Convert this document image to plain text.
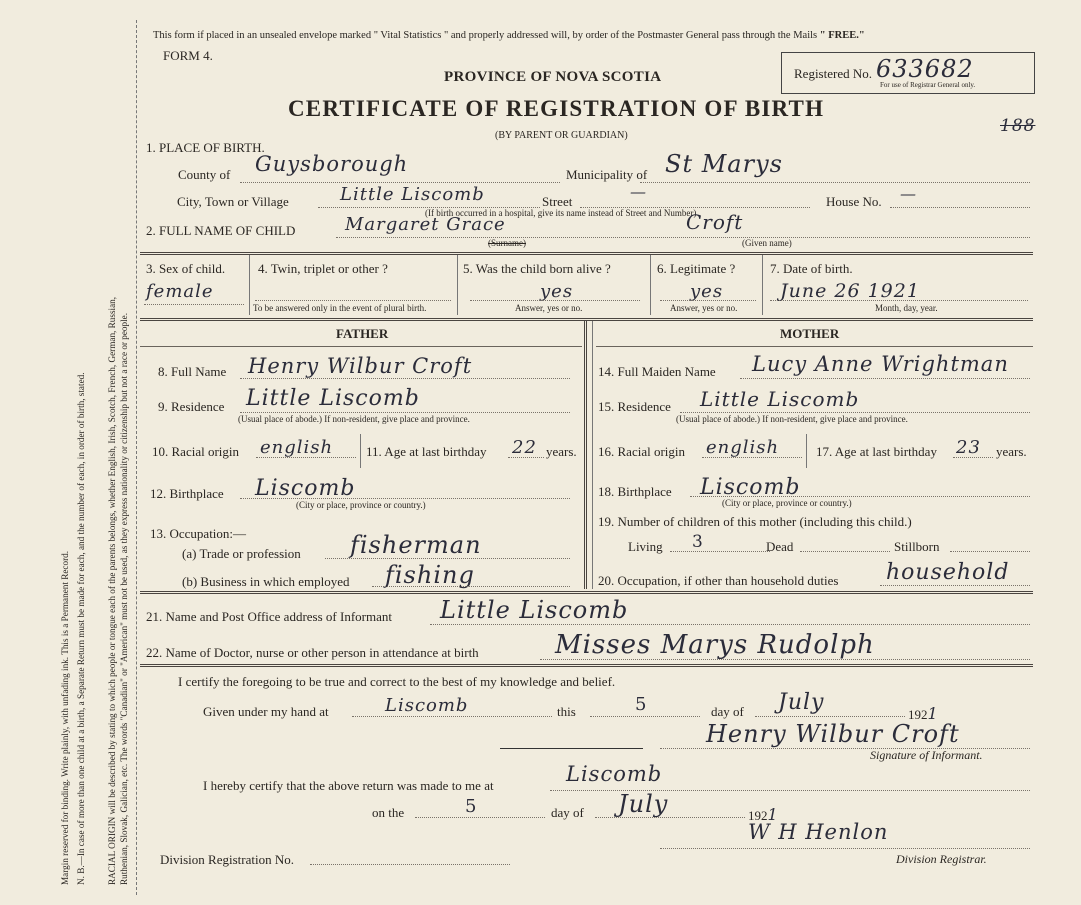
Margin reserved for binding. Write plainly, with unfading ink. This is a Permanent Record. N. B.—In case of more than one child at a birth, a Separate Return must be made for each, and the number of each, in order of birth, stated. RACIAL ORIGIN will be described by stating to which people or tongue each of the parents belongs, whether English, Irish, Scotch, French, German, Russian, Ruthenian, Slovak, Galician, etc. The words "Canadian" or "American" must not be used, as they express nationality or citizenship but not a race or people.
This form if placed in an unsealed envelope marked " Vital Statistics " and properly addressed will, by order of the Postmaster General pass through the Mails " FREE."
FORM 4.
PROVINCE OF NOVA SCOTIA
CERTIFICATE OF REGISTRATION OF BIRTH
(BY PARENT OR GUARDIAN)
Registered No. 633682
For use of Registrar General only.
188
1. PLACE OF BIRTH.
County of Guysborough	Municipality of St Marys
City, Town or Village	Little Liscomb	Street
—
House No. —
(If birth occurred in a hospital, give its name instead of Street and Number)
2. FULL NAME OF CHILD	Margaret Grace	Croft
(Surname)	(Given name)
3. Sex of child.
female
4. Twin, triplet or other ?
To be answered only in the event of plural birth.
5. Was the child born alive ?
yes
Answer, yes or no.
6. Legitimate ?
yes
Answer, yes or no.
7. Date of birth.
June 26 1921
Month, day, year.
FATHER	MOTHER
8. Full Name Henry Wilbur Croft
9. Residence Little Liscomb
(Usual place of abode.) If non-resident, give place and province.
10. Racial origin english	11. Age at last birthday 22 years.
12. Birthplace Liscomb
(City or place, province or country.)
13. Occupation:—
(a) Trade or profession fisherman
(b) Business in which employed fishing
14. Full Maiden Name Lucy Anne Wrightman
15. Residence Little Liscomb
(Usual place of abode.) If non-resident, give place and province.
16. Racial origin english	17. Age at last birthday 23 years.
18. Birthplace Liscomb
(City or place, province or country.)
19. Number of children of this mother (including this child.)
Living 3	Dead	Stillborn
20. Occupation, if other than household duties household
21. Name and Post Office address of Informant Little Liscomb
22. Name of Doctor, nurse or other person in attendance at birth	Misses Marys Rudolph
I certify the foregoing to be true and correct to the best of my knowledge and belief.
Given under my hand at	Liscomb	this	5	day of July	1921
Henry Wilbur Croft
Signature of Informant.
I hereby certify that the above return was made to me at	Liscomb
on the	5	day of July	1921
Division Registration No.
W H Henlon
Division Registrar.
